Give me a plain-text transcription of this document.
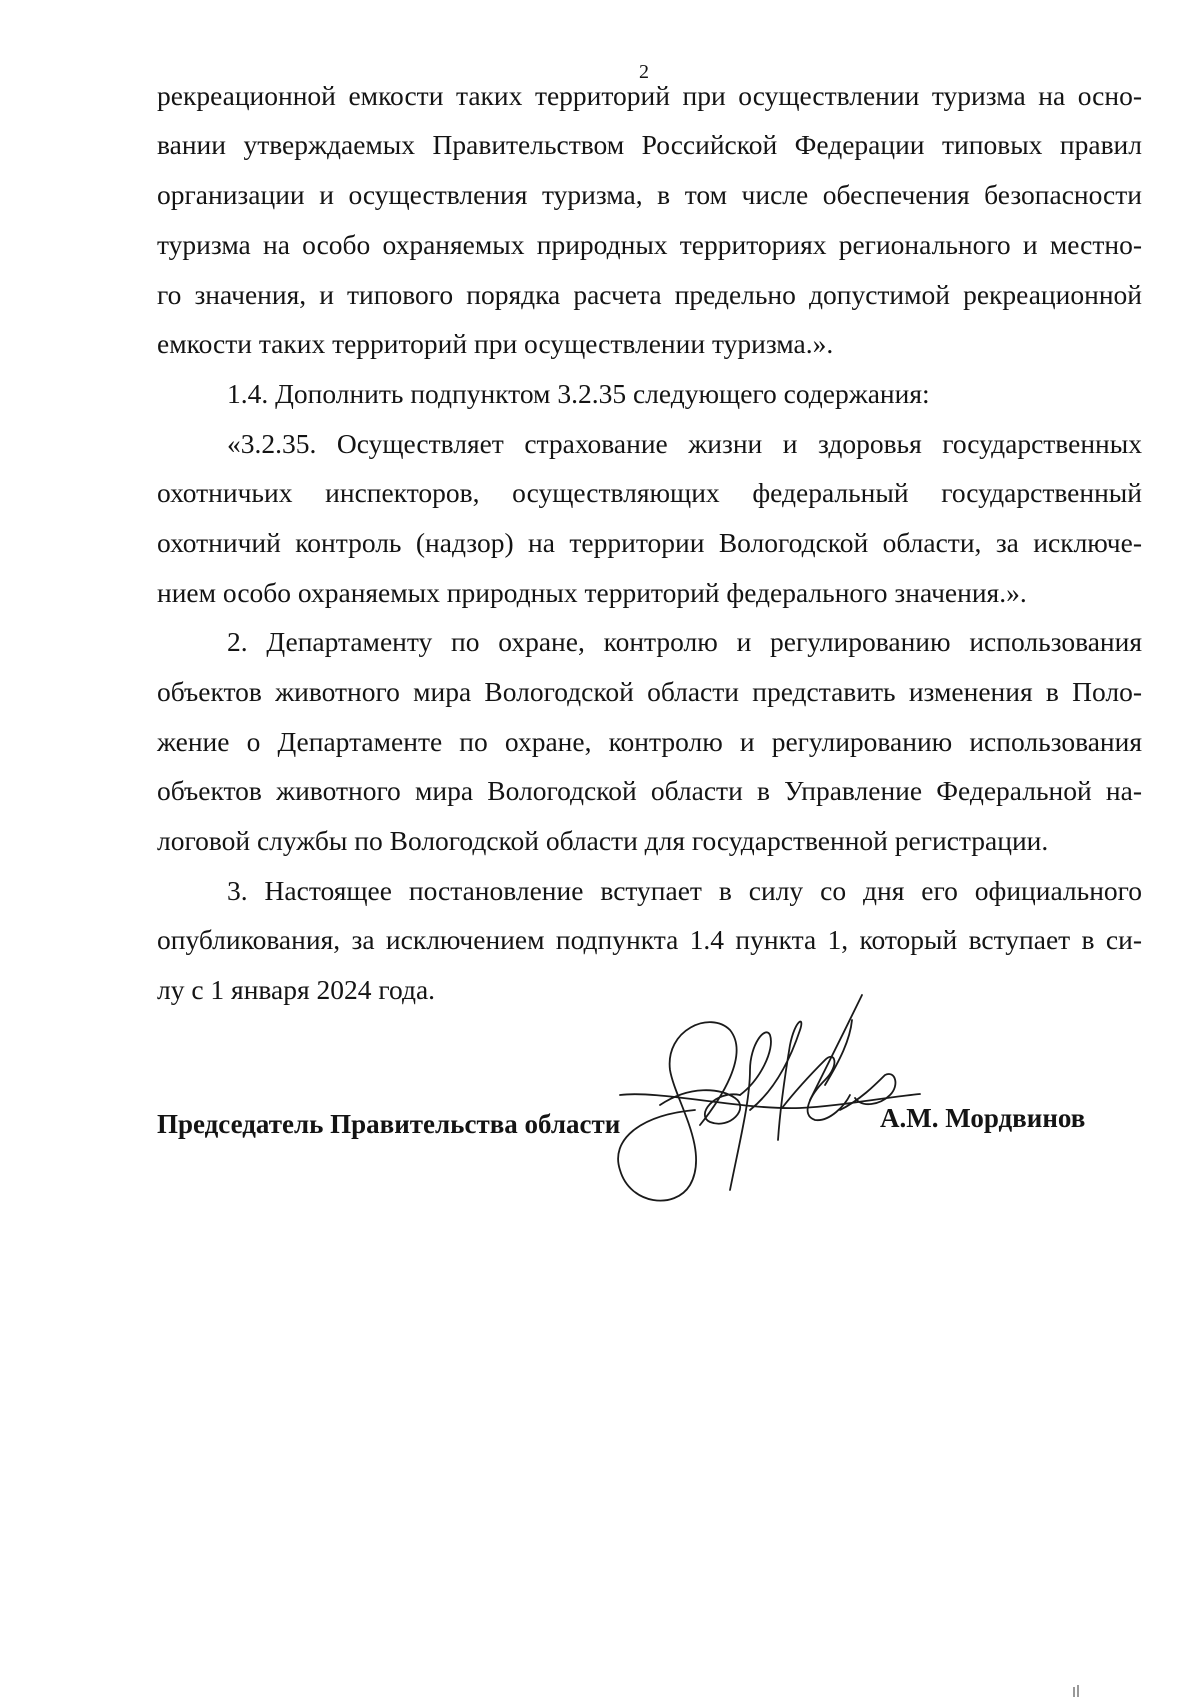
2
рекреационной емкости таких территорий при осуществлении туризма на осно-
вании утверждаемых Правительством Российской Федерации типовых правил
организации и осуществления туризма, в том числе обеспечения безопасности
туризма на особо охраняемых природных территориях регионального и местно-
го значения, и типового порядка расчета предельно допустимой рекреационной
емкости таких территорий при осуществлении туризма.».
1.4. Дополнить подпунктом 3.2.35 следующего содержания:
«3.2.35. Осуществляет страхование жизни и здоровья государственных
охотничьих инспекторов, осуществляющих федеральный государственный
охотничий контроль (надзор) на территории Вологодской области, за исключе-
нием особо охраняемых природных территорий федерального значения.».
2. Департаменту по охране, контролю и регулированию использования
объектов животного мира Вологодской области представить изменения в Поло-
жение о Департаменте по охране, контролю и регулированию использования
объектов животного мира Вологодской области в Управление Федеральной на-
логовой службы по Вологодской области для государственной регистрации.
3. Настоящее постановление вступает в силу со дня его официального
опубликования, за исключением подпункта 1.4 пункта 1, который вступает в си-
лу с 1 января 2024 года.
Председатель Правительства области	А.М. Мордвинов
